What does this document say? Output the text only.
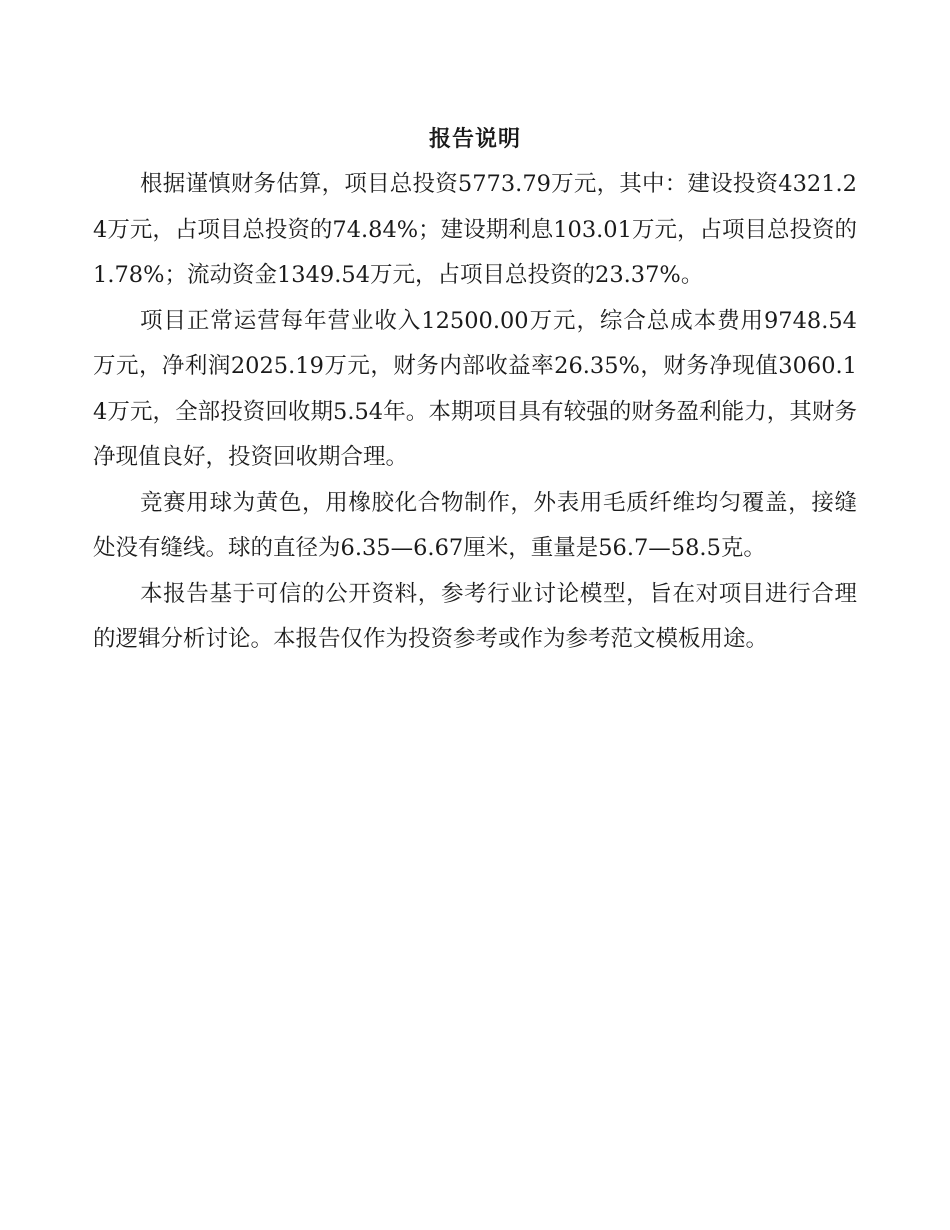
报告说明

根据谨慎财务估算，项目总投资5773.79万元，其中：建设投资4321.24万元，占项目总投资的74.84%；建设期利息103.01万元，占项目总投资的1.78%；流动资金1349.54万元，占项目总投资的23.37%。

项目正常运营每年营业收入12500.00万元，综合总成本费用9748.54万元，净利润2025.19万元，财务内部收益率26.35%，财务净现值3060.14万元，全部投资回收期5.54年。本期项目具有较强的财务盈利能力，其财务净现值良好，投资回收期合理。

竞赛用球为黄色，用橡胶化合物制作，外表用毛质纤维均匀覆盖，接缝处没有缝线。球的直径为6.35—6.67厘米，重量是56.7—58.5克。

本报告基于可信的公开资料，参考行业讨论模型，旨在对项目进行合理的逻辑分析讨论。本报告仅作为投资参考或作为参考范文模板用途。
